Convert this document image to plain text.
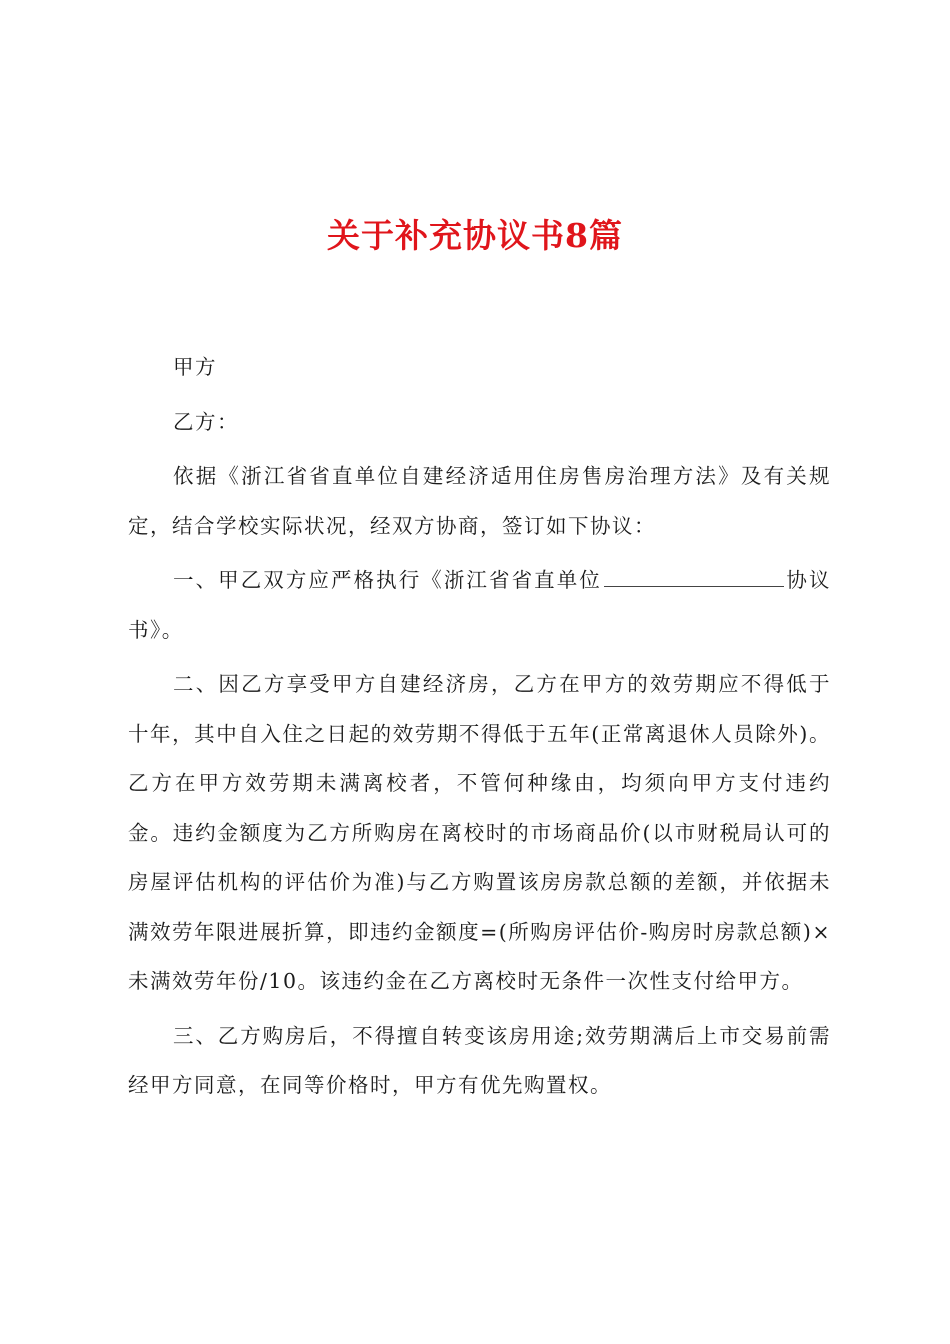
关于补充协议书8篇

甲方

乙方：

依据《浙江省省直单位自建经济适用住房售房治理方法》及有关规定，结合学校实际状况，经双方协商，签订如下协议：

一、甲乙双方应严格执行《浙江省省直单位	协议书》。

二、因乙方享受甲方自建经济房，乙方在甲方的效劳期应不得低于十年，其中自入住之日起的效劳期不得低于五年(正常离退休人员除外)。乙方在甲方效劳期未满离校者，不管何种缘由，均须向甲方支付违约金。违约金额度为乙方所购房在离校时的市场商品价(以市财税局认可的房屋评估机构的评估价为准)与乙方购置该房房款总额的差额，并依据未满效劳年限进展折算，即违约金额度=(所购房评估价-购房时房款总额)×未满效劳年份/10。该违约金在乙方离校时无条件一次性支付给甲方。

三、乙方购房后，不得擅自转变该房用途;效劳期满后上市交易前需经甲方同意，在同等价格时，甲方有优先购置权。
